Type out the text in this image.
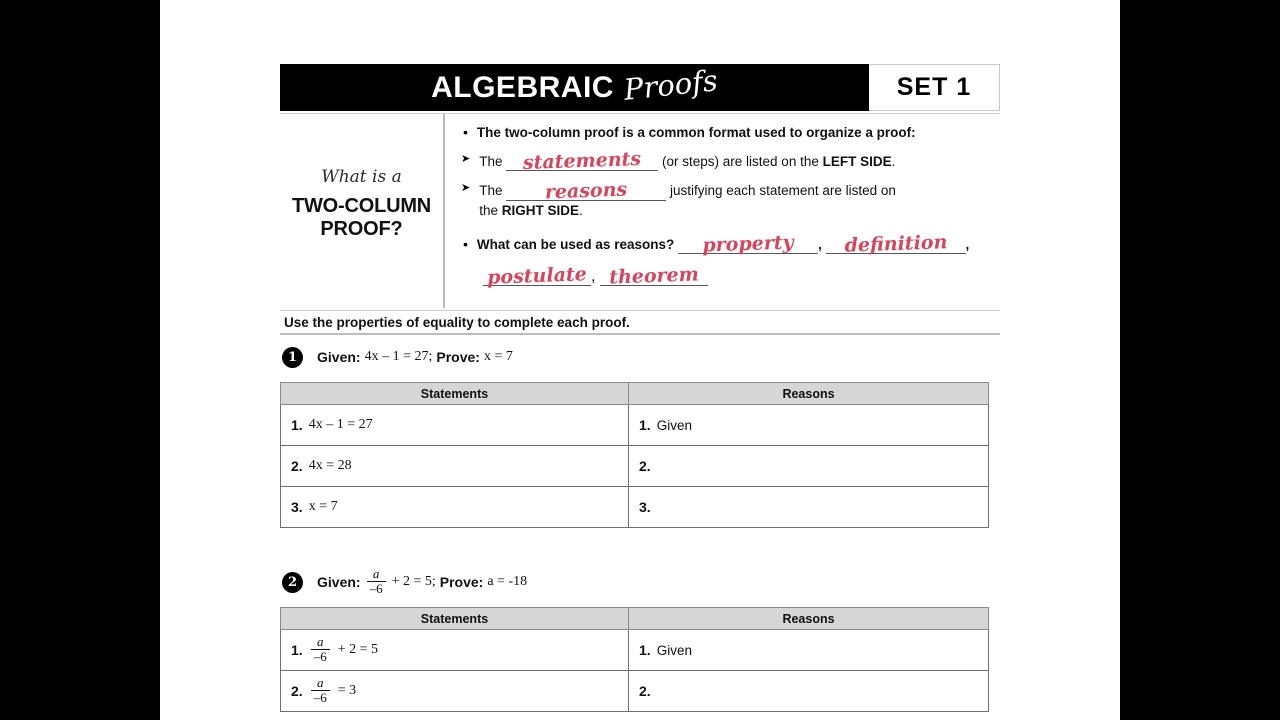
ALGEBRAIC Proofs	SET 1
What is a
TWO-COLUMN
PROOF?
• The two-column proof is a common format used to organize a proof:
➤ The statements (or steps) are listed on the LEFT SIDE.
➤ The reasons	justifying each statement are listed on
the RIGHT SIDE.
• What can be used as reasons? property , definition ,
postulate , theorem
Use the properties of equality to complete each proof.
1	Given: 4x – 1 = 27; Prove: x = 7
Statements	Reasons

1. 4x – 1 = 27	1. Given

2. 4x = 28	2.

3. x = 7	3.
2	Given: $\frac{a}{-6} + 2 = 5$; Prove: a = -18
Statements	Reasons

1. $\frac{a}{-6} + 2 = 5$	1. Given

2. $\frac{a}{-6} = 3$	2.
